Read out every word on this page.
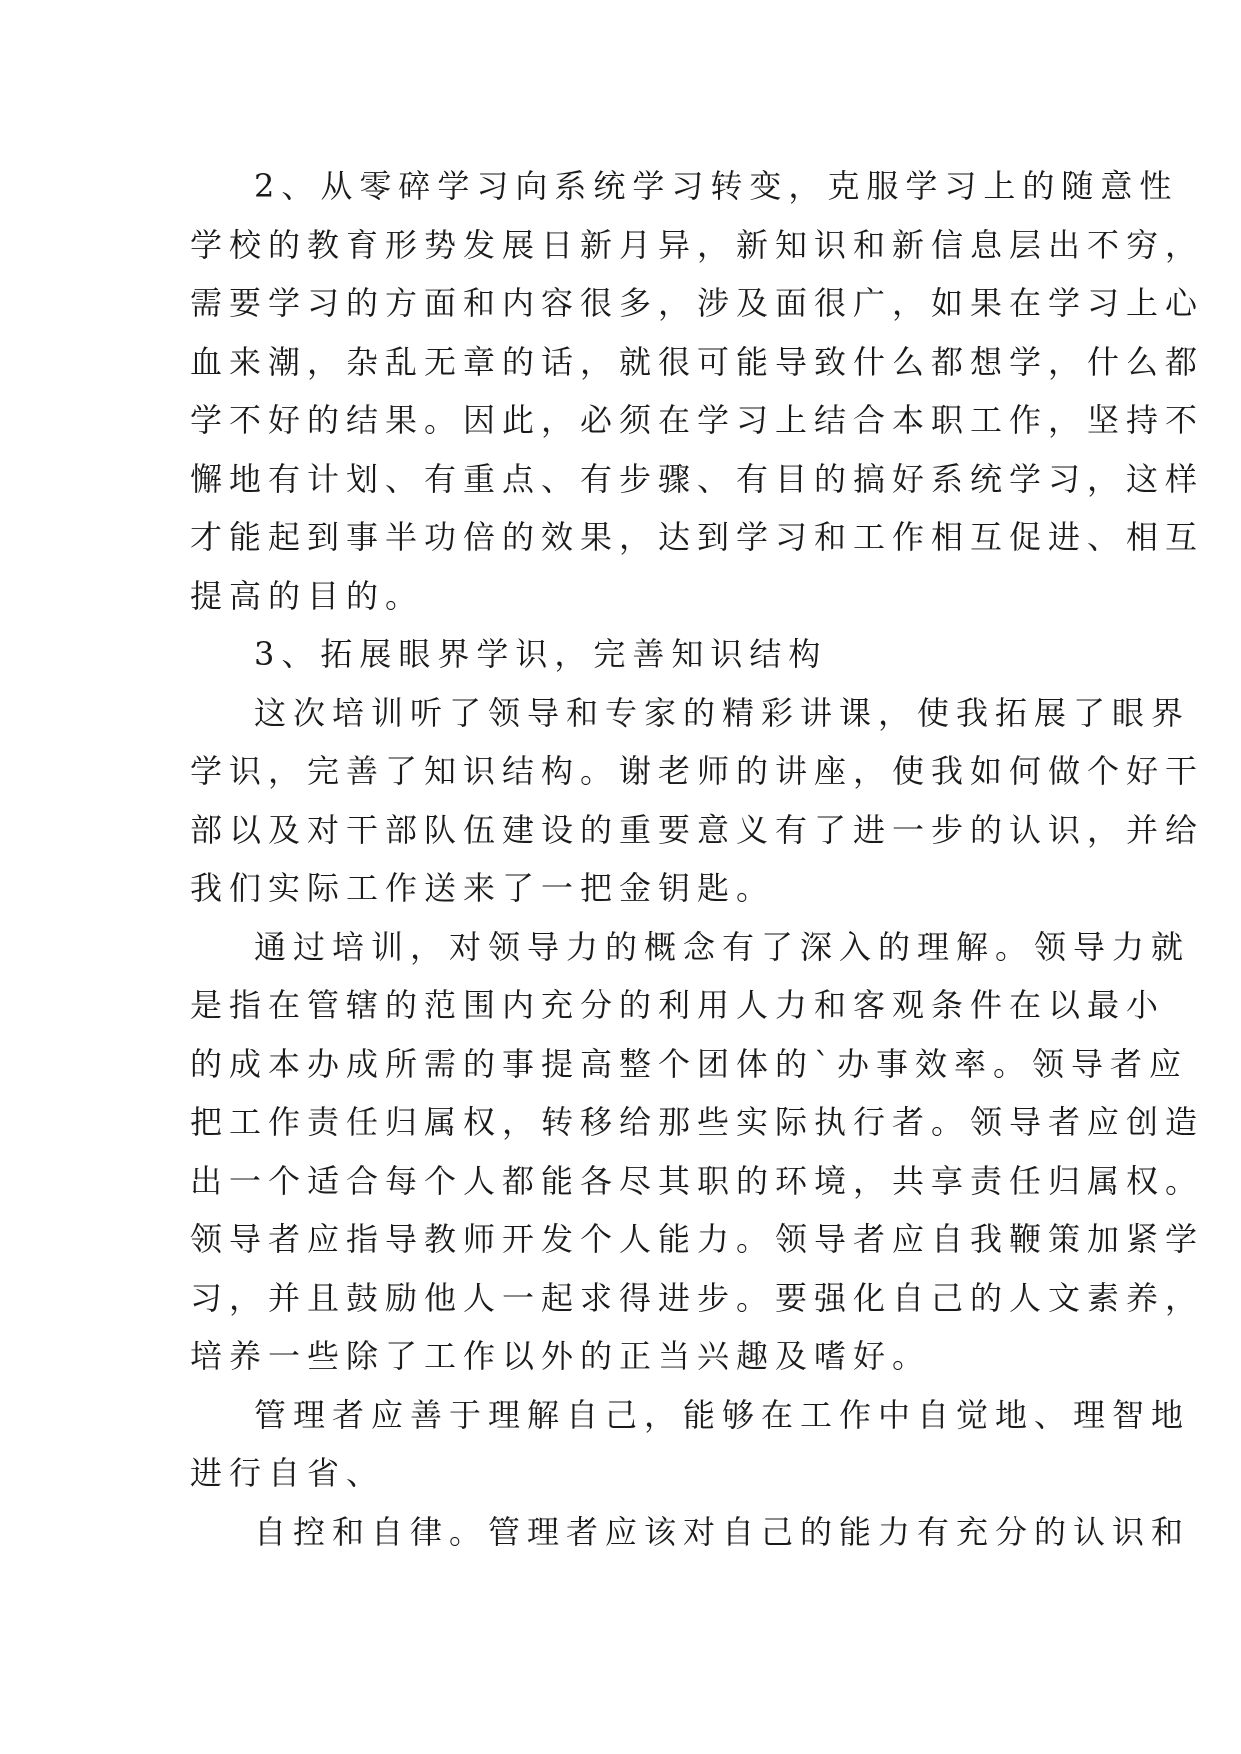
2、从零碎学习向系统学习转变，克服学习上的随意性
学校的教育形势发展日新月异，新知识和新信息层出不穷，
需要学习的方面和内容很多，涉及面很广，如果在学习上心
血来潮，杂乱无章的话，就很可能导致什么都想学，什么都
学不好的结果。因此，必须在学习上结合本职工作，坚持不
懈地有计划、有重点、有步骤、有目的搞好系统学习，这样
才能起到事半功倍的效果，达到学习和工作相互促进、相互
提高的目的。
3、拓展眼界学识，完善知识结构
这次培训听了领导和专家的精彩讲课，使我拓展了眼界
学识，完善了知识结构。谢老师的讲座，使我如何做个好干
部以及对干部队伍建设的重要意义有了进一步的认识，并给
我们实际工作送来了一把金钥匙。
通过培训，对领导力的概念有了深入的理解。领导力就
是指在管辖的范围内充分的利用人力和客观条件在以最小
的成本办成所需的事提高整个团体的`办事效率。领导者应
把工作责任归属权，转移给那些实际执行者。领导者应创造
出一个适合每个人都能各尽其职的环境，共享责任归属权。
领导者应指导教师开发个人能力。领导者应自我鞭策加紧学
习，并且鼓励他人一起求得进步。要强化自己的人文素养，
培养一些除了工作以外的正当兴趣及嗜好。
管理者应善于理解自己，能够在工作中自觉地、理智地
进行自省、
自控和自律。管理者应该对自己的能力有充分的认识和
